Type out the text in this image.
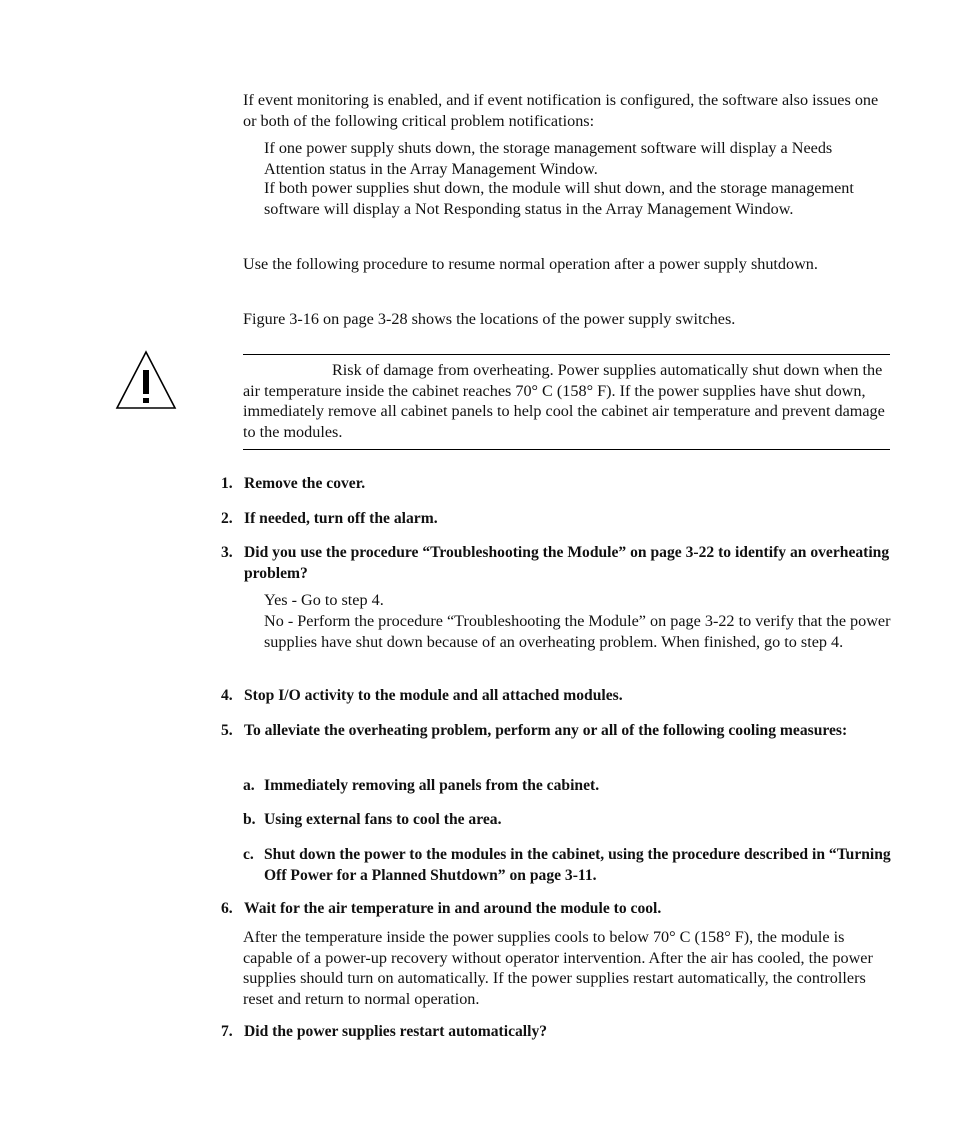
If event monitoring is enabled, and if event notification is configured, the software also issues one or both of the following critical problem notifications:

If one power supply shuts down, the storage management software will display a Needs Attention status in the Array Management Window.

If both power supplies shut down, the module will shut down, and the storage management software will display a Not Responding status in the Array Management Window.

Use the following procedure to resume normal operation after a power supply shutdown.

Figure 3-16 on page 3-28 shows the locations of the power supply switches.

Risk of damage from overheating. Power supplies automatically shut down when the air temperature inside the cabinet reaches 70° C (158° F). If the power supplies have shut down, immediately remove all cabinet panels to help cool the cabinet air temperature and prevent damage to the modules.

1. Remove the cover.
2. If needed, turn off the alarm.
3. Did you use the procedure “Troubleshooting the Module” on page 3-22 to identify an overheating problem?

Yes - Go to step 4.

No - Perform the procedure “Troubleshooting the Module” on page 3-22 to verify that the power supplies have shut down because of an overheating problem. When finished, go to step 4.

4. Stop I/O activity to the module and all attached modules.
5. To alleviate the overheating problem, perform any or all of the following cooling measures:
a. Immediately removing all panels from the cabinet.
b. Using external fans to cool the area.
c. Shut down the power to the modules in the cabinet, using the procedure described in “Turning Off Power for a Planned Shutdown” on page 3-11.
6. Wait for the air temperature in and around the module to cool.

After the temperature inside the power supplies cools to below 70° C (158° F), the module is capable of a power-up recovery without operator intervention. After the air has cooled, the power supplies should turn on automatically. If the power supplies restart automatically, the controllers reset and return to normal operation.

7. Did the power supplies restart automatically?
